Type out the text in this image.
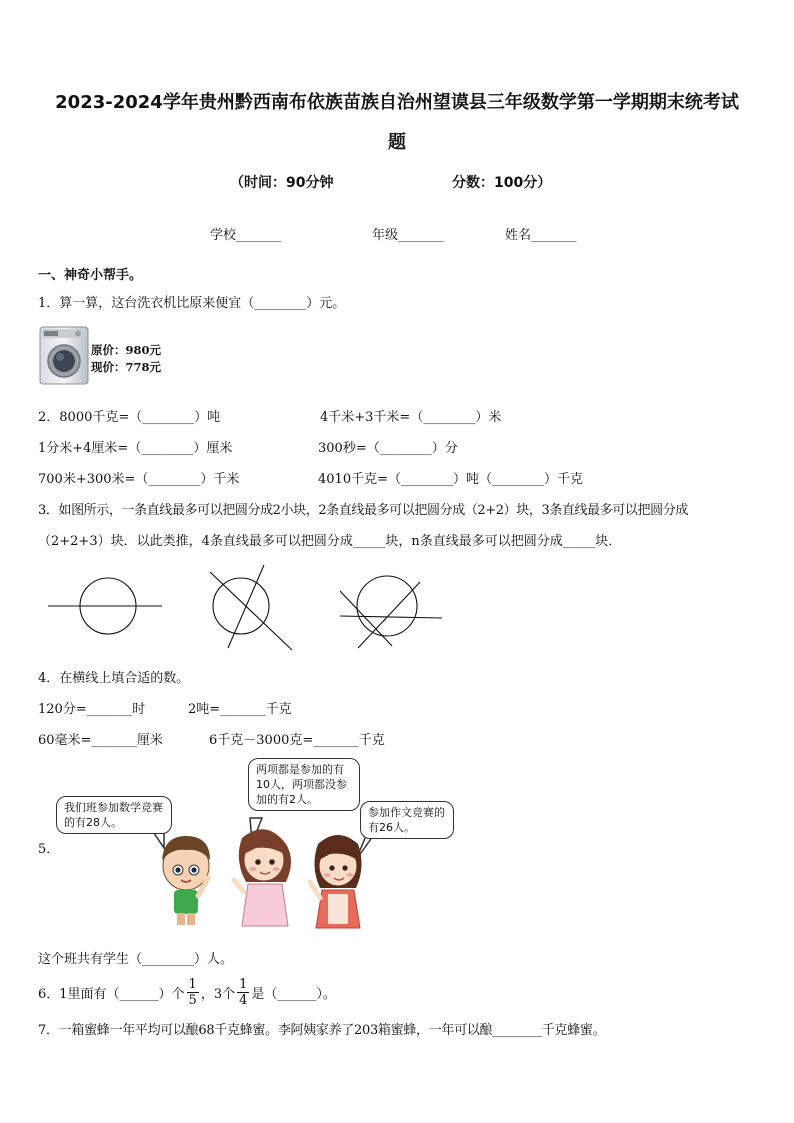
2023-2024学年贵州黔西南布依族苗族自治州望谟县三年级数学第一学期期末统考试
题
（时间：90分钟	分数：100分）
学校_______	年级_______	姓名_______
一、神奇小帮手。
1．算一算，这台洗衣机比原来便宜（________）元。
原价：980元
现价：778元
2．8000千克=（________）吨	4千米+3千米=（________）米
1分米+4厘米=（________）厘米	300秒=（________）分
700米+300米=（________）千米	4010千克=（________）吨（________）千克
3．如图所示，一条直线最多可以把圆分成2小块，2条直线最多可以把圆分成（2+2）块，3条直线最多可以把圆分成
（2+2+3）块．以此类推，4条直线最多可以把圆分成_____块，n条直线最多可以把圆分成_____块．
4．在横线上填合适的数。
120分=_______时	2吨=_______千克
60毫米=_______厘米	6千克－3000克=_______千克
5．
我们班参加数学竞赛的有28人。
两项都是参加的有10人，两项都没参加的有2人。
参加作文竞赛的有26人。
这个班共有学生（________）人。
6．1里面有（______）个 $\frac{1}{5}$ ，3个 $\frac{1}{4}$ 是（______）。
7．一箱蜜蜂一年平均可以酿68千克蜂蜜。李阿姨家养了203箱蜜蜂，一年可以酿________千克蜂蜜。
